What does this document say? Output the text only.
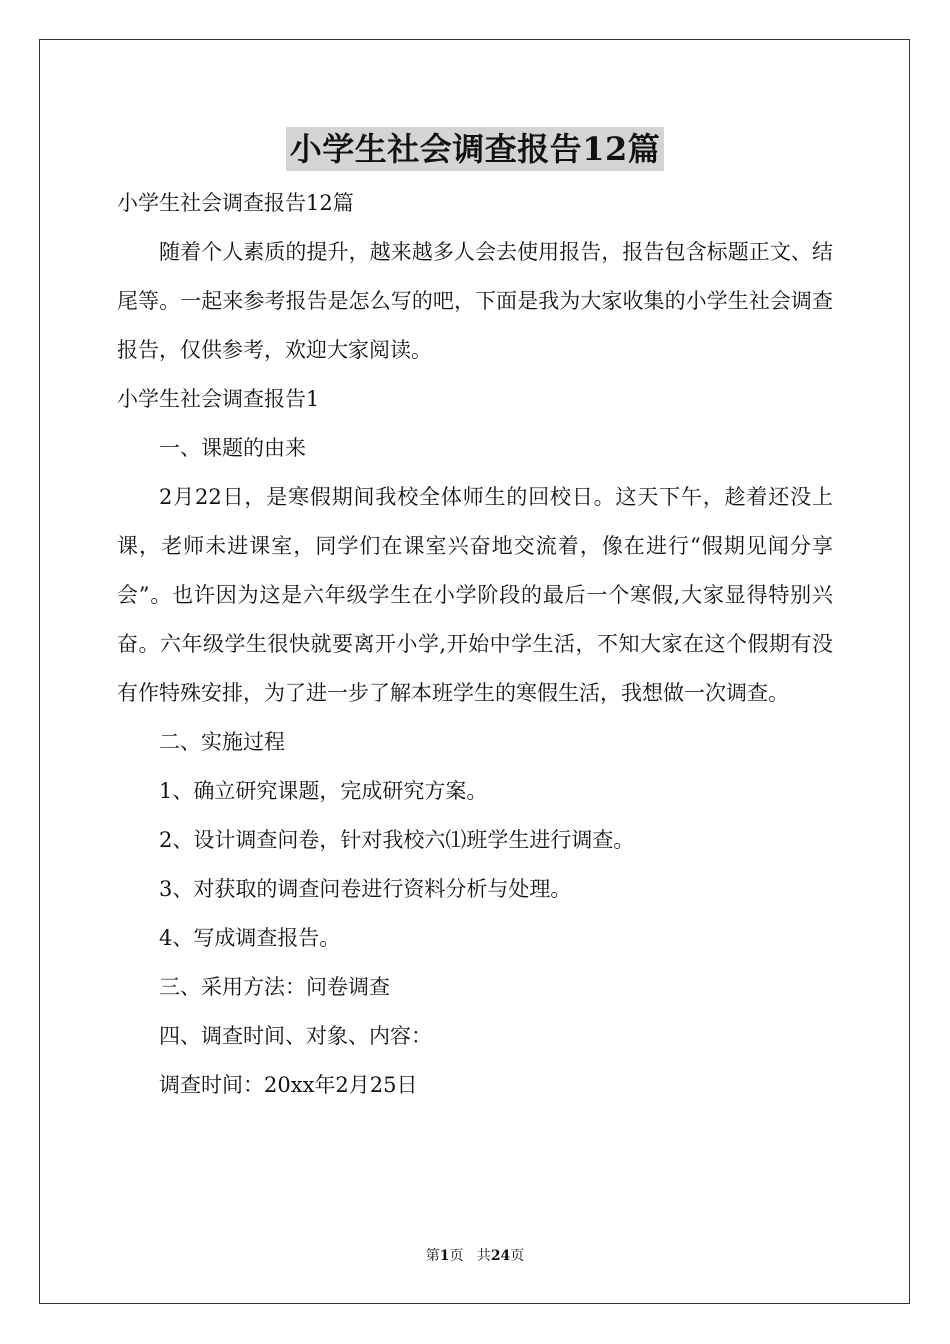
小学生社会调查报告12篇

小学生社会调查报告12篇

随着个人素质的提升，越来越多人会去使用报告，报告包含标题正文、结尾等。一起来参考报告是怎么写的吧，下面是我为大家收集的小学生社会调查报告，仅供参考，欢迎大家阅读。

小学生社会调查报告1

一、课题的由来

2月22日，是寒假期间我校全体师生的回校日。这天下午，趁着还没上课，老师未进课室，同学们在课室兴奋地交流着，像在进行“假期见闻分享会”。也许因为这是六年级学生在小学阶段的最后一个寒假,大家显得特别兴奋。六年级学生很快就要离开小学,开始中学生活，不知大家在这个假期有没有作特殊安排，为了进一步了解本班学生的寒假生活，我想做一次调查。

二、实施过程

1、确立研究课题，完成研究方案。

2、设计调查问卷，针对我校六⑴班学生进行调查。

3、对获取的调查问卷进行资料分析与处理。

4、写成调查报告。

三、采用方法：问卷调查

四、调查时间、对象、内容：

调查时间：20xx年2月25日

第1页 共24页
